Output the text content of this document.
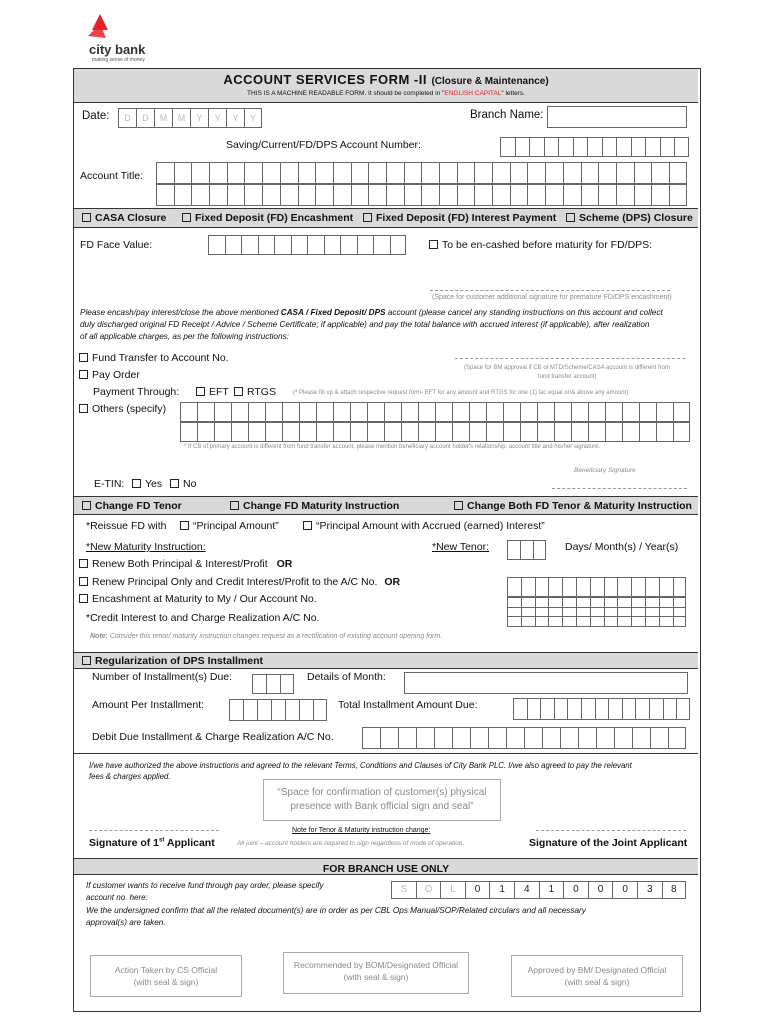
city bank
making sense of money
ACCOUNT SERVICES FORM -II (Closure & Maintenance)
THIS IS A MACHINE READABLE FORM. It should be completed in "ENGLISH CAPITAL" letters.
Date:	D	D	M	M	Y	Y	Y	Y	Branch Name:
Saving/Current/FD/DPS Account Number:
Account Title:
CASA Closure	Fixed Deposit (FD) Encashment	Fixed Deposit (FD) Interest Payment	Scheme (DPS) Closure
FD Face Value:	To be en-cashed before maturity for FD/DPS:
(Space for customer additional signature for premature FD/DPS encashment)
Please encash/pay interest/close the above mentioned CASA / Fixed Deposit/ DPS account (please cancel any standing instructions on this account and collect
duly discharged original FD Receipt / Advice / Scheme Certificate; if applicable) and pay the total balance with accrued interest (if applicable), after realization
of all applicable charges, as per the following instructions:
Fund Transfer to Account No.
Pay Order
Payment Through:	EFT	RTGS	(* Please fill up & attach respective request form- EFT for any amount and RTGS for one (1) lac equal or/& above any amount)
Others (specify)
(Space for BM approval if CB of MTD/Scheme/CASA account is different from
fund transfer account)
* If CB of primary account is different from fund transfer account, please mention beneficiary account holder's relationship, account title and his/her signature.
Beneficiary Signature
E-TIN:	Yes	No
Change FD Tenor	Change FD Maturity Instruction	Change Both FD Tenor & Maturity Instruction
*Reissue FD with	“Principal Amount”	“Principal Amount with Accrued (earned) Interest”
*New Maturity Instruction:	*New Tenor:	Days/ Month(s) / Year(s)
Renew Both Principal & Interest/Profit OR
Renew Principal Only and Credit Interest/Profit to the A/C No. OR
Encashment at Maturity to My / Our Account No.
*Credit Interest to and Charge Realization A/C No.
Note: Consider this tenor/ maturity instruction changes request as a rectification of existing account opening form.
Regularization of DPS Installment
Number of Installment(s) Due:	Details of Month:
Amount Per Installment:	Total Installment Amount Due:
Debit Due Installment & Charge Realization A/C No.
I/we have authorized the above instructions and agreed to the relevant Terms, Conditions and Clauses of City Bank PLC. I/we also agreed to pay the relevant
fees & charges applied.
“Space for confirmation of customer(s) physical
presence with Bank official sign and seal”
Signature of 1st Applicant
Note for Tenor & Maturity instruction change:
All joint – account holders are required to sign regardless of mode of operation.	Signature of the Joint Applicant
FOR BRANCH USE ONLY
If customer wants to receive fund through pay order, please specify
account no. here:
S	O	L	0	1	4	1	0	0	0	3	8
We the undersigned confirm that all the related document(s) are in order as per CBL Ops Manual/SOP/Related circulars and all necessary
approval(s) are taken.
Action Taken by CS Official
(with seal & sign)
Recommended by BOM/Designated Official
(with seal & sign)
Approved by BM/ Designated Official
(with seal & sign)
